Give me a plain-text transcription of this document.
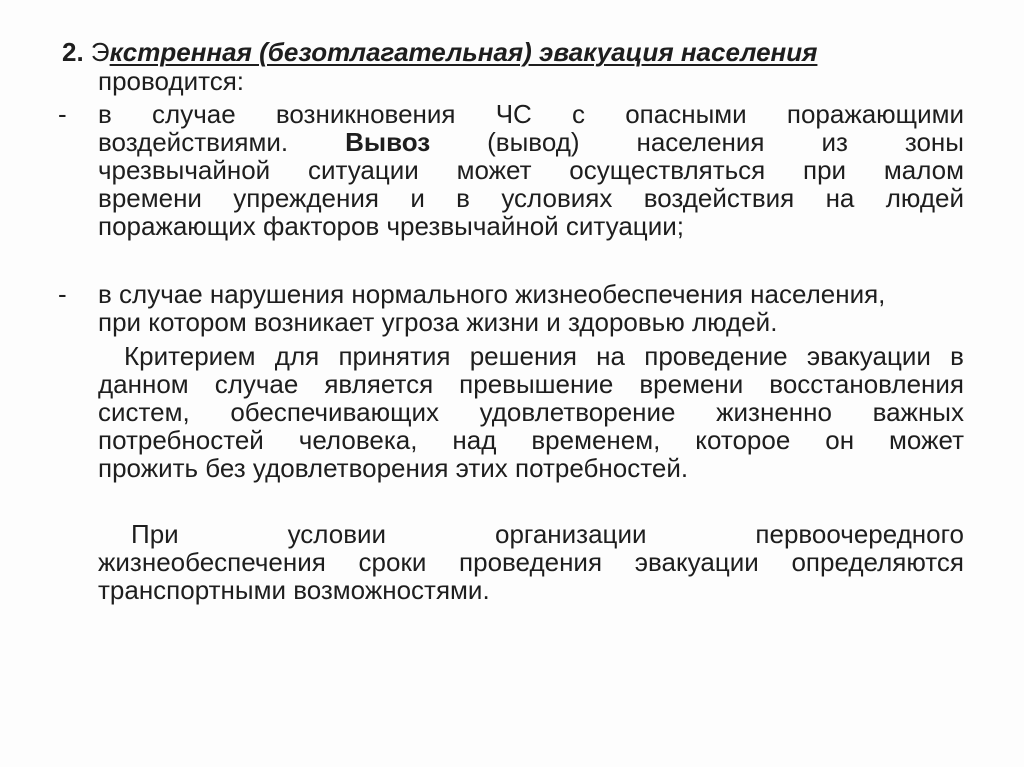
2. Экстренная (безотлагательная) эвакуация населения
проводится:
- в случае возникновения ЧС с опасными поражающими
воздействиями. Вывоз (вывод) населения из зоны
чрезвычайной ситуации может осуществляться при малом
времени упреждения и в условиях воздействия на людей
поражающих факторов чрезвычайной ситуации;
- в случае нарушения нормального жизнеобеспечения населения,
при котором возникает угроза жизни и здоровью людей.
Критерием для принятия решения на проведение эвакуации в
данном случае является превышение времени восстановления
систем, обеспечивающих удовлетворение жизненно важных
потребностей человека, над временем, которое он может
прожить без удовлетворения этих потребностей.
При условии организации первоочередного
жизнеобеспечения сроки проведения эвакуации определяются
транспортными возможностями.
